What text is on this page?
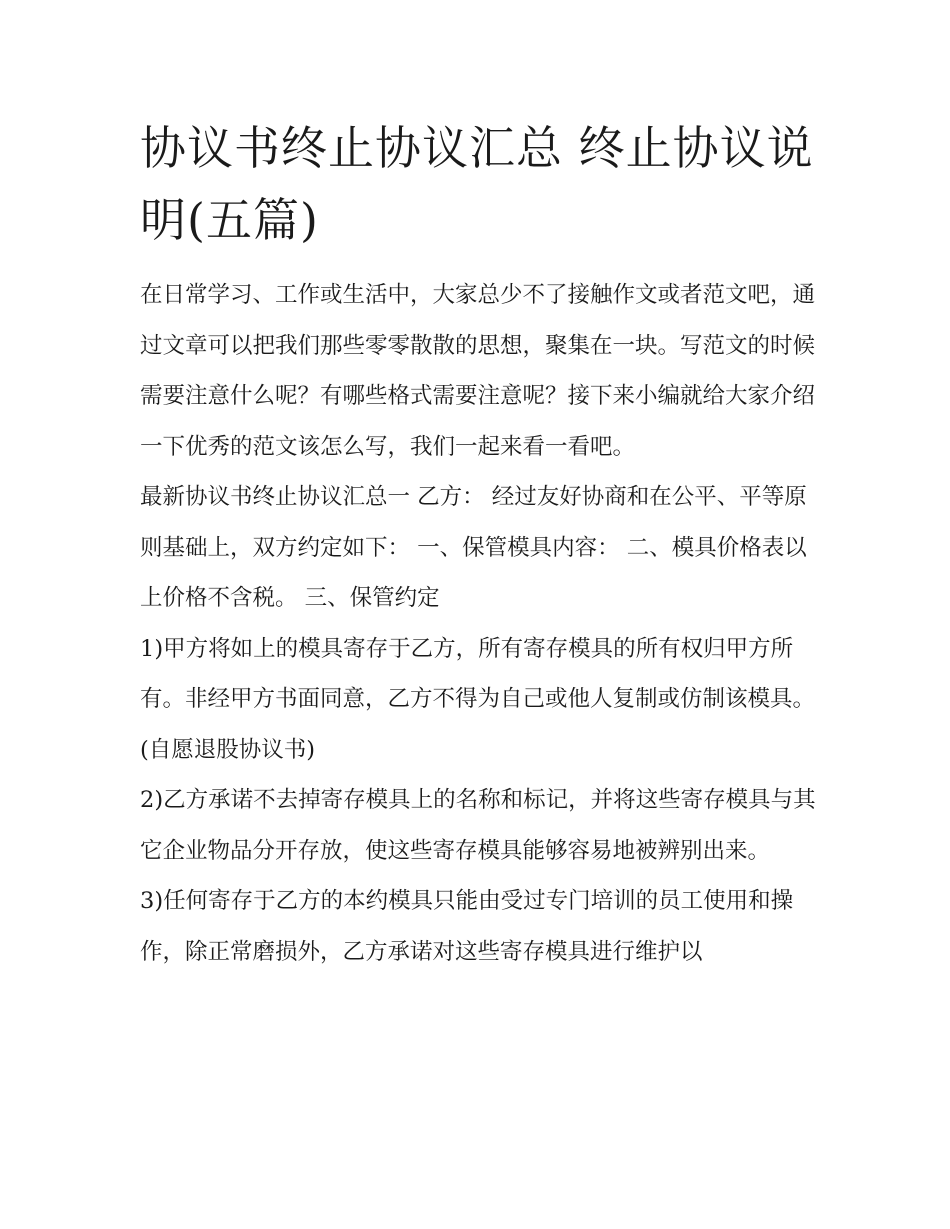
协议书终止协议汇总 终止协议说明(五篇)

在日常学习、工作或生活中，大家总少不了接触作文或者范文吧，通过文章可以把我们那些零零散散的思想，聚集在一块。写范文的时候需要注意什么呢？有哪些格式需要注意呢？接下来小编就给大家介绍一下优秀的范文该怎么写，我们一起来看一看吧。

最新协议书终止协议汇总一 乙方： 经过友好协商和在公平、平等原则基础上，双方约定如下： 一、保管模具内容： 二、模具价格表以上价格不含税。 三、保管约定

1)甲方将如上的模具寄存于乙方，所有寄存模具的所有权归甲方所有。非经甲方书面同意，乙方不得为自己或他人复制或仿制该模具。(自愿退股协议书)

2)乙方承诺不去掉寄存模具上的名称和标记，并将这些寄存模具与其它企业物品分开存放，使这些寄存模具能够容易地被辨别出来。

3)任何寄存于乙方的本约模具只能由受过专门培训的员工使用和操作，除正常磨损外，乙方承诺对这些寄存模具进行维护以
